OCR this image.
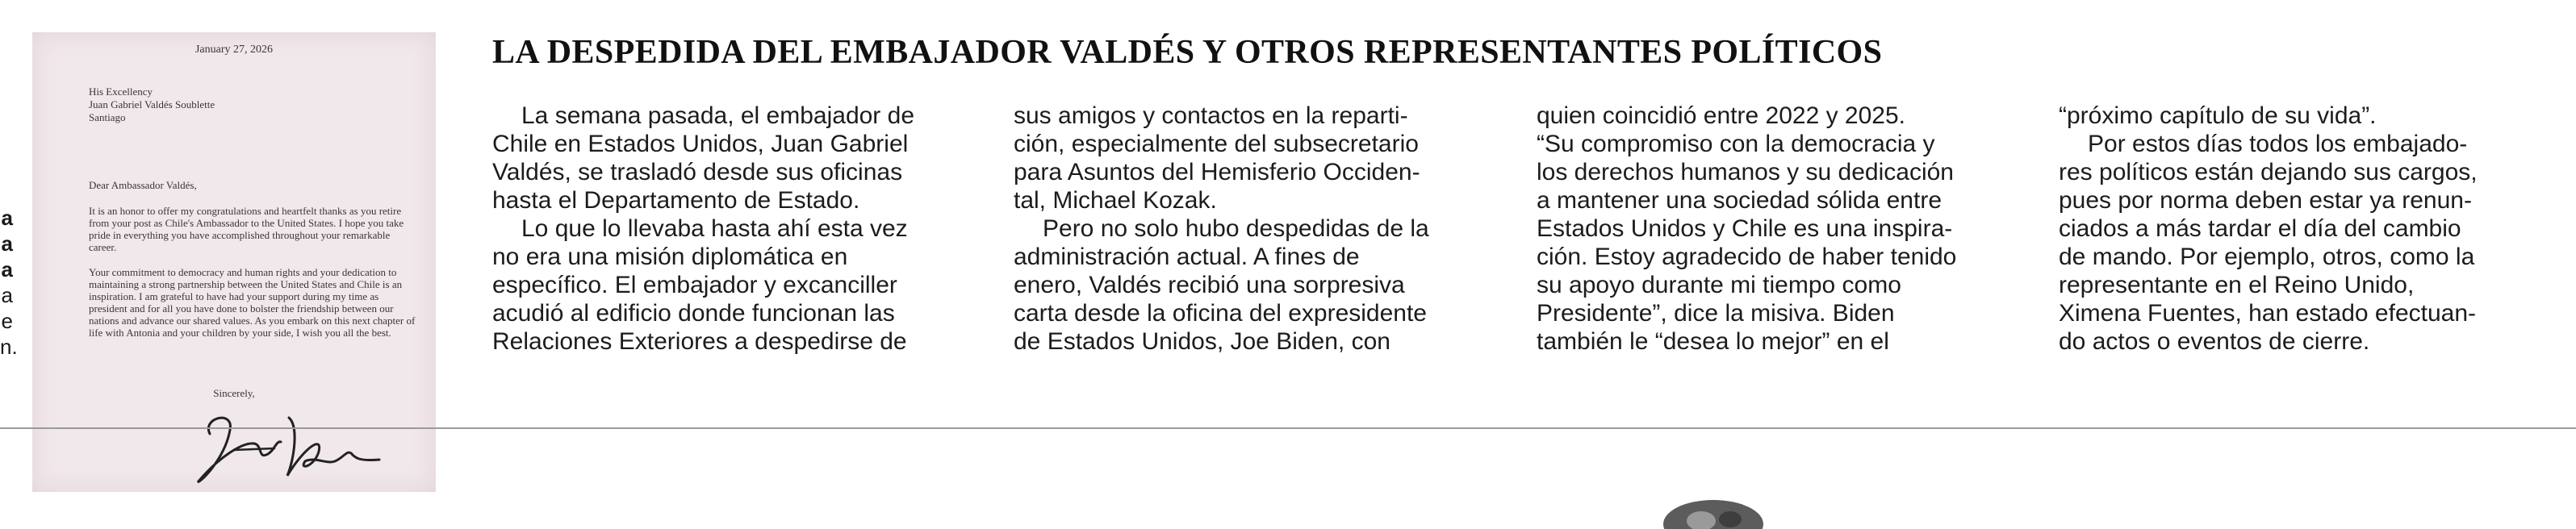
a
a
a
a
e
n.
January 27, 2026
His Excellency
Juan Gabriel Valdés Soublette
Santiago
Dear Ambassador Valdés,

It is an honor to offer my congratulations and heartfelt thanks as you retire from your post as Chile's Ambassador to the United States. I hope you take pride in everything you have accomplished throughout your remarkable career.

Your commitment to democracy and human rights and your dedication to maintaining a strong partnership between the United States and Chile is an inspiration. I am grateful to have had your support during my time as president and for all you have done to bolster the friendship between our nations and advance our shared values. As you embark on this next chapter of life with Antonia and your children by your side, I wish you all the best.

Sincerely,
LA DESPEDIDA DEL EMBAJADOR VALDÉS Y OTROS REPRESENTANTES POLÍTICOS
La semana pasada, el embajador de
Chile en Estados Unidos, Juan Gabriel
Valdés, se trasladó desde sus oficinas
hasta el Departamento de Estado.
Lo que lo llevaba hasta ahí esta vez
no era una misión diplomática en
específico. El embajador y excanciller
acudió al edificio donde funcionan las
Relaciones Exteriores a despedirse de
sus amigos y contactos en la reparti-
ción, especialmente del subsecretario
para Asuntos del Hemisferio Occiden-
tal, Michael Kozak.
Pero no solo hubo despedidas de la
administración actual. A fines de
enero, Valdés recibió una sorpresiva
carta desde la oficina del expresidente
de Estados Unidos, Joe Biden, con
quien coincidió entre 2022 y 2025.
“Su compromiso con la democracia y
los derechos humanos y su dedicación
a mantener una sociedad sólida entre
Estados Unidos y Chile es una inspira-
ción. Estoy agradecido de haber tenido
su apoyo durante mi tiempo como
Presidente”, dice la misiva. Biden
también le “desea lo mejor” en el
“próximo capítulo de su vida”.
Por estos días todos los embajado-
res políticos están dejando sus cargos,
pues por norma deben estar ya renun-
ciados a más tardar el día del cambio
de mando. Por ejemplo, otros, como la
representante en el Reino Unido,
Ximena Fuentes, han estado efectuan-
do actos o eventos de cierre.
